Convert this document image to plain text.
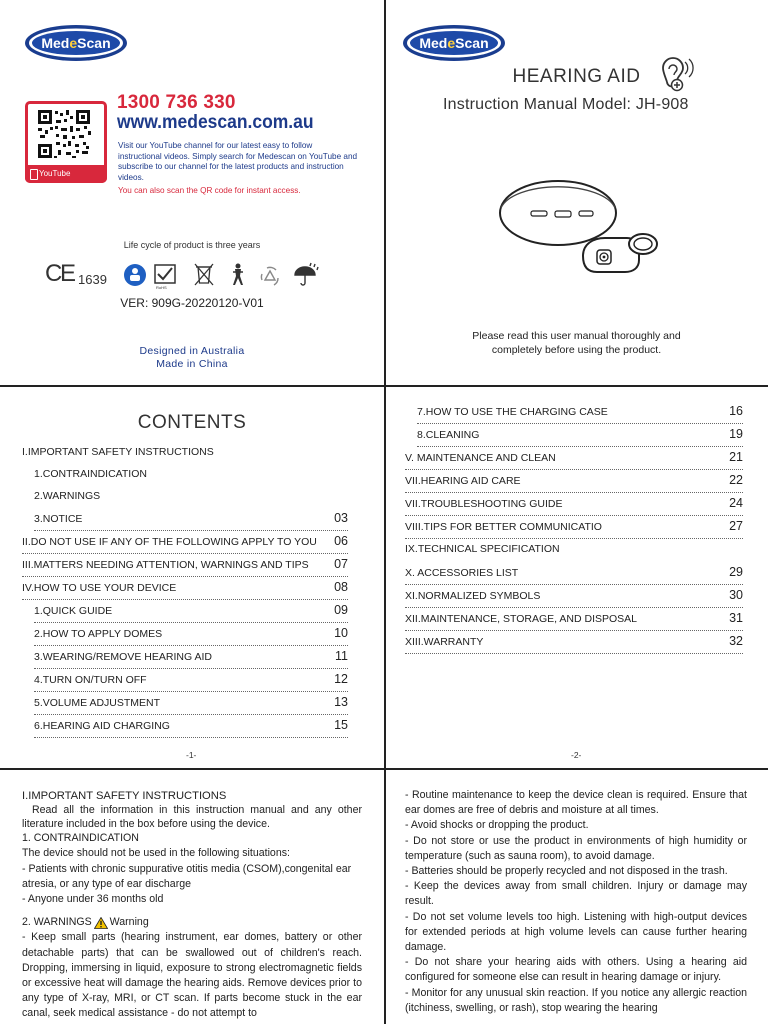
MedeScan
YouTube
1300 736 330
www.medescan.com.au
Visit our YouTube channel for our latest easy to follow instructional videos. Simply search for Medescan on YouTube and subscribe to our channel for the latest products and instruction videos.
You can also scan the QR code for instant access.
Life cycle of product is three years
C
E 1639
RoHS
VER: 909G-20220120-V01
Designed in Australia
Made in China
MedeScan
HEARING AID
Instruction Manual Model: JH-908
Please read this user manual thoroughly and
completely before using the product.
CONTENTS
I.IMPORTANT SAFETY INSTRUCTIONS
1.CONTRAINDICATION
2.WARNINGS
3.NOTICE	03
II.DO NOT USE IF ANY OF THE FOLLOWING APPLY TO YOU 06
III.MATTERS NEEDING ATTENTION, WARNINGS AND TIPS 07
IV.HOW TO USE YOUR DEVICE	08
1.QUICK GUIDE	09
2.HOW TO APPLY DOMES	10
3.WEARING/REMOVE HEARING AID	11
4.TURN ON/TURN OFF	12
5.VOLUME ADJUSTMENT	13
6.HEARING AID CHARGING	15
-1-
7.HOW TO USE THE CHARGING CASE	16
8.CLEANING	19
V. MAINTENANCE AND CLEAN	21
VII.HEARING AID CARE	22
VII.TROUBLESHOOTING GUIDE	24
VIII.TIPS FOR BETTER COMMUNICATIO	27
IX.TECHNICAL SPECIFICATION
X. ACCESSORIES LIST	29
XI.NORMALIZED SYMBOLS	30
XII.MAINTENANCE, STORAGE, AND DISPOSAL	31
XIII.WARRANTY	32
-2-

I.IMPORTANT SAFETY INSTRUCTIONS

Read all the information in this instruction manual and any other literature included in the box before using the device.

1. CONTRAINDICATION

The device should not be used in the following situations:

- Patients with chronic suppurative otitis media (CSOM),congenital ear atresia, or any type of ear discharge

- Anyone under 36 months old

2. WARNINGS Warning

- Keep small parts (hearing instrument, ear domes, battery or other detachable parts) that can be swallowed out of children's reach. Dropping, immersing in liquid, exposure to strong electromagnetic fields or excessive heat will damage the hearing aids. Remove devices prior to any type of X-ray, MRI, or CT scan. If parts become stuck in the ear canal, seek medical assistance - do not attempt to

- Routine maintenance to keep the device clean is required. Ensure that ear domes are free of debris and moisture at all times.

- Avoid shocks or dropping the product.

- Do not store or use the product in environments of high humidity or temperature (such as sauna room), to avoid damage.

- Batteries should be properly recycled and not disposed in the trash.

- Keep the devices away from small children. Injury or damage may result.

- Do not set volume levels too high. Listening with high-output devices for extended periods at high volume levels can cause further hearing damage.

- Do not share your hearing aids with others. Using a hearing aid configured for someone else can result in hearing damage or injury.

- Monitor for any unusual skin reaction. If you notice any allergic reaction (itchiness, swelling, or rash), stop wearing the hearing
